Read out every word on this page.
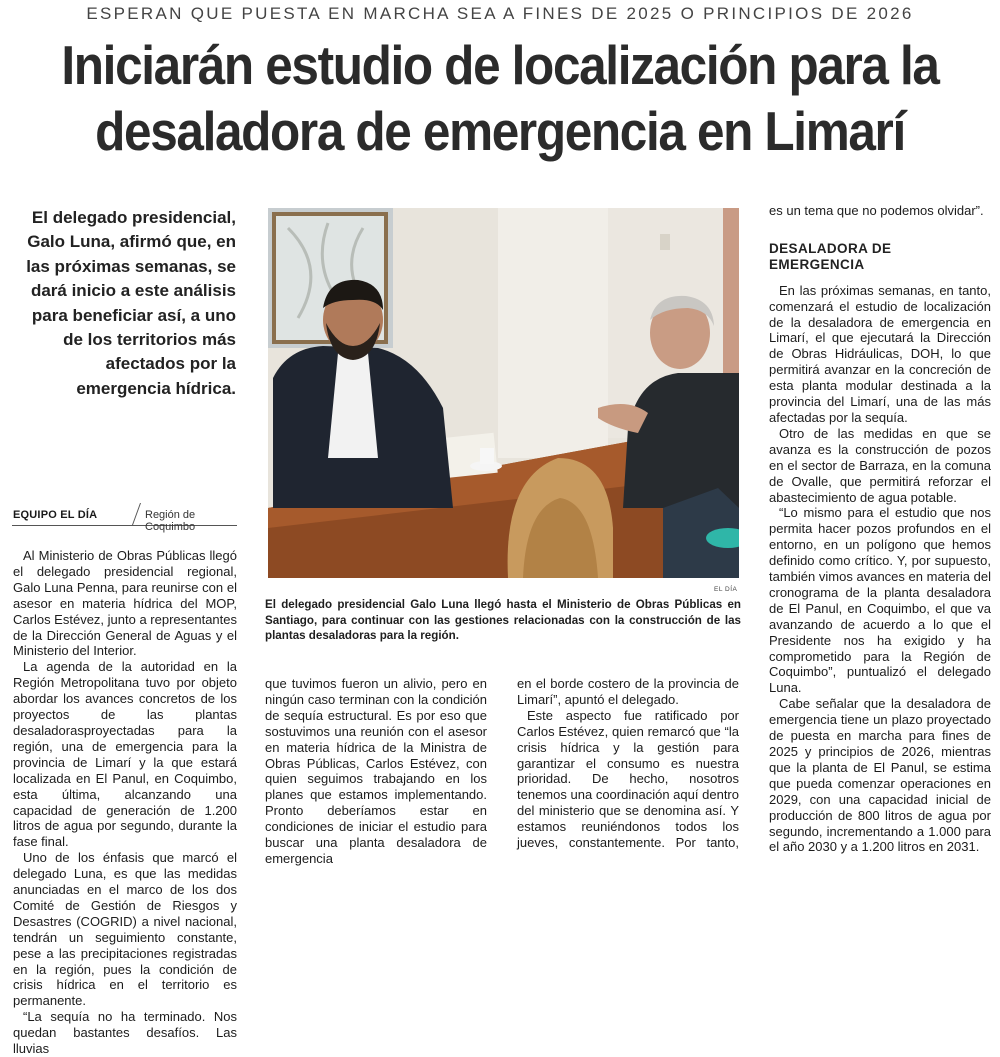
ESPERAN QUE PUESTA EN MARCHA SEA A FINES DE 2025 O PRINCIPIOS DE 2026
Iniciarán estudio de localización para la
desaladora de emergencia en Limarí
El delegado presidencial, Galo Luna, afirmó que, en las próximas semanas, se dará inicio a este análisis para beneficiar así, a uno de los territorios más afectados por la emergencia hídrica.
EQUIPO EL DÍA	Región de Coquimbo
EL DÍA
El delegado presidencial Galo Luna llegó hasta el Ministerio de Obras Públicas en Santiago, para continuar con las gestiones relacionadas con la construcción de las plantas desaladoras para la región.

Al Ministerio de Obras Públicas llegó el delegado presidencial regional, Galo Luna Penna, para reunirse con el asesor en materia hídrica del MOP, Carlos Estévez, junto a representantes de la Dirección General de Aguas y el Ministerio del Interior.

La agenda de la autoridad en la Región Metropolitana tuvo por objeto abordar los avances concretos de los proyectos de las plantas desaladorasproyectadas para la región, una de emergencia para la provincia de Limarí y la que estará localizada en El Panul, en Coquimbo, esta última, alcanzando una capacidad de generación de 1.200 litros de agua por segundo, durante la fase final.

Uno de los énfasis que marcó el delegado Luna, es que las medidas anunciadas en el marco de los dos Comité de Gestión de Riesgos y Desastres (COGRID) a nivel nacional, tendrán un seguimiento constante, pese a las precipitaciones registradas en la región, pues la condición de crisis hídrica en el territorio es permanente.

“La sequía no ha terminado. Nos quedan bastantes desafíos. Las lluvias

que tuvimos fueron un alivio, pero en ningún caso terminan con la condición de sequía estructural. Es por eso que sostuvimos una reunión con el asesor en materia hídrica de la Ministra de Obras Públicas, Carlos Estévez, con quien seguimos trabajando en los planes que estamos implementando. Pronto deberíamos estar en condiciones de iniciar el estudio para buscar una planta desaladora de emergencia

en el borde costero de la provincia de Limarí”, apuntó el delegado.

Este aspecto fue ratificado por Carlos Estévez, quien remarcó que “la crisis hídrica y la gestión para garantizar el consumo es nuestra prioridad. De hecho, nosotros tenemos una coordinación aquí dentro del ministerio que se denomina así. Y estamos reuniéndonos todos los jueves, constantemente. Por tanto,

es un tema que no podemos olvidar”.

DESALADORA DE EMERGENCIA

En las próximas semanas, en tanto, comenzará el estudio de localización de la desaladora de emergencia en Limarí, el que ejecutará la Dirección de Obras Hidráulicas, DOH, lo que permitirá avanzar en la concreción de esta planta modular destinada a la provincia del Limarí, una de las más afectadas por la sequía.

Otro de las medidas en que se avanza es la construcción de pozos en el sector de Barraza, en la comuna de Ovalle, que permitirá reforzar el abastecimiento de agua potable.

“Lo mismo para el estudio que nos permita hacer pozos profundos en el entorno, en un polígono que hemos definido como crítico. Y, por supuesto, también vimos avances en materia del cronograma de la planta desaladora de El Panul, en Coquimbo, el que va avanzando de acuerdo a lo que el Presidente nos ha exigido y ha comprometido para la Región de Coquimbo”, puntualizó el delegado Luna.

Cabe señalar que la desaladora de emergencia tiene un plazo proyectado de puesta en marcha para fines de 2025 y principios de 2026, mientras que la planta de El Panul, se estima que pueda comenzar operaciones en 2029, con una capacidad inicial de producción de 800 litros de agua por segundo, incrementando a 1.000 para el año 2030 y a 1.200 litros en 2031.
